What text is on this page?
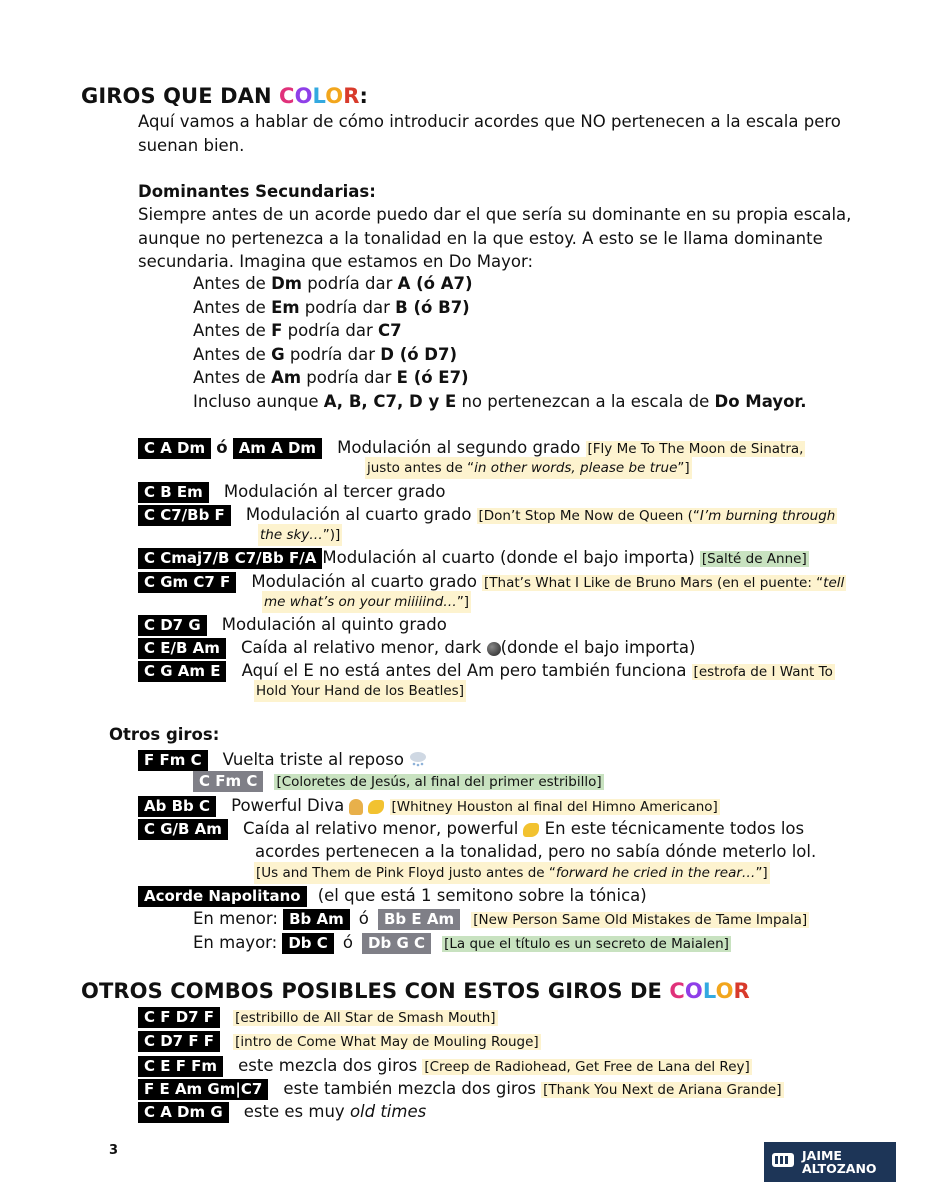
GIROS QUE DAN COLOR:
Aquí vamos a hablar de cómo introducir acordes que NO pertenecen a la escala pero
suenan bien.
Dominantes Secundarias:
Siempre antes de un acorde puedo dar el que sería su dominante en su propia escala,
aunque no pertenezca a la tonalidad en la que estoy. A esto se le llama dominante
secundaria. Imagina que estamos en Do Mayor:
Antes de Dm podría dar A (ó A7)
Antes de Em podría dar B (ó B7)
Antes de F podría dar C7
Antes de G podría dar D (ó D7)
Antes de Am podría dar E (ó E7)
Incluso aunque A, B, C7, D y E no pertenezcan a la escala de Do Mayor.
C A Dm ó Am A Dm Modulación al segundo grado [Fly Me To The Moon de Sinatra,
justo antes de “in other words, please be true”]
C B Em Modulación al tercer grado
C C7/Bb F Modulación al cuarto grado [Don’t Stop Me Now de Queen (“I’m burning through
the sky…”)]
C Cmaj7/B C7/Bb F/A Modulación al cuarto (donde el bajo importa) [Salté de Anne]
C Gm C7 F Modulación al cuarto grado [That’s What I Like de Bruno Mars (en el puente: “tell
me what’s on your miiiiind…”]
C D7 G Modulación al quinto grado
C E/B Am Caída al relativo menor, dark (donde el bajo importa)
C G Am E Aquí el E no está antes del Am pero también funciona [estrofa de I Want To
Hold Your Hand de los Beatles]
Otros giros:
F Fm C Vuelta triste al reposo
C Fm C [Coloretes de Jesús, al final del primer estribillo]
Ab Bb C Powerful Diva	[Whitney Houston al final del Himno Americano]
C G/B Am Caída al relativo menor, powerful  En este técnicamente todos los
acordes pertenecen a la tonalidad, pero no sabía dónde meterlo lol.
[Us and Them de Pink Floyd justo antes de “forward he cried in the rear…”]
Acorde Napolitano (el que está 1 semitono sobre la tónica)
En menor: Bb Am ó Bb E Am [New Person Same Old Mistakes de Tame Impala]
En mayor: Db C ó Db G C [La que el título es un secreto de Maialen]
OTROS COMBOS POSIBLES CON ESTOS GIROS DE COLOR
C F D7 F [estribillo de All Star de Smash Mouth]
C D7 F F [intro de Come What May de Mouling Rouge]
C E F Fm este mezcla dos giros [Creep de Radiohead, Get Free de Lana del Rey]
F E Am Gm|C7 este también mezcla dos giros [Thank You Next de Ariana Grande]
C A Dm G este es muy old times
3	JAIME
ALTOZANO
